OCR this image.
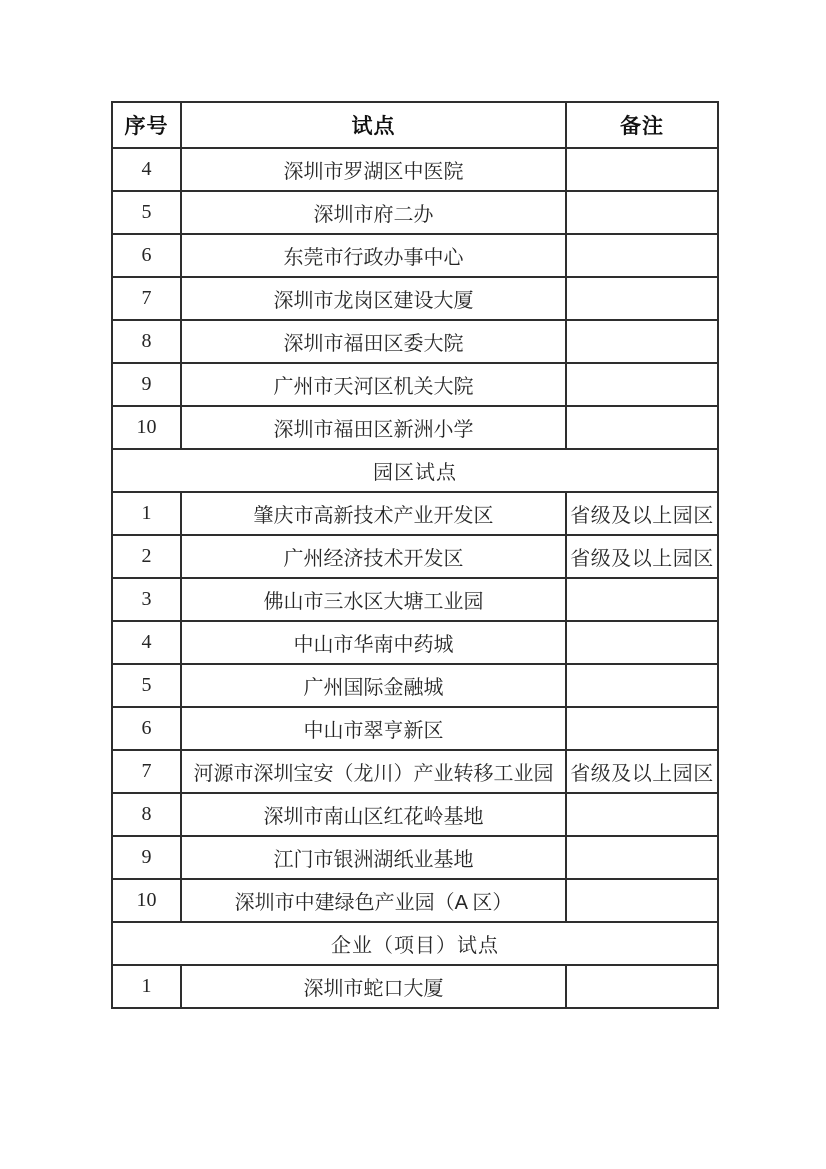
序号	试点	备注
4	深圳市罗湖区中医院	
5	深圳市府二办	
6	东莞市行政办事中心	
7	深圳市龙岗区建设大厦	
8	深圳市福田区委大院	
9	广州市天河区机关大院	
10	深圳市福田区新洲小学	
园区试点		
1	肇庆市高新技术产业开发区	省级及以上园区
2	广州经济技术开发区	省级及以上园区
3	佛山市三水区大塘工业园	
4	中山市华南中药城	
5	广州国际金融城	
6	中山市翠亨新区	
7	河源市深圳宝安（龙川）产业转移工业园	省级及以上园区
8	深圳市南山区红花岭基地	
9	江门市银洲湖纸业基地	
10	深圳市中建绿色产业园（A 区）	
企业（项目）试点		
1	深圳市蛇口大厦	
